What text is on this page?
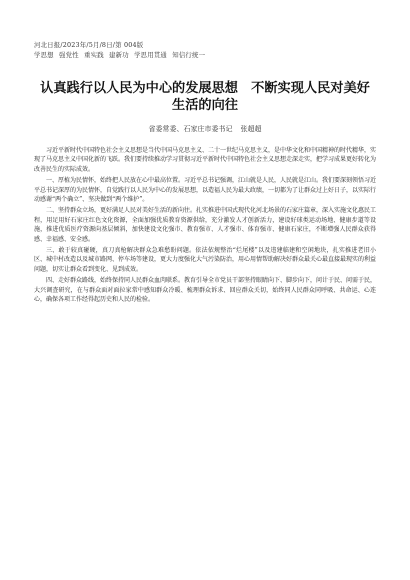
河北日报/2023年/5月/8日/第 004版
学思想 强党性 重实践 建新功 学思用贯通 知信行统一
认真践行以人民为中心的发展思想　不断实现人民对美好生活的向往
省委常委、石家庄市委书记 张超超

习近平新时代中国特色社会主义思想是当代中国马克思主义、二十一世纪马克思主义，是中华文化和中国精神的时代精华，实现了马克思主义中国化新的飞跃。我们要持续推动学习贯彻习近平新时代中国特色社会主义思想走深走实，把学习成果更好转化为改善民生的实际成效。

一、厚植为民情怀，始终把人民放在心中最高位置。习近平总书记强调，江山就是人民，人民就是江山。我们要深刻领悟习近平总书记深厚的为民情怀，自觉践行以人民为中心的发展思想，以造福人民为最大政绩，一切都为了让群众过上好日子，以实际行动感谢“两个确立”、坚决做到“两个维护”。

二、坚持群众立场，更好满足人民对美好生活的新向往。扎实推进中国式现代化河北场景的石家庄篇章，深入实施文化惠民工程，用足用好石家庄红色文化资源，全面加强优质教育资源供给，充分激发人才创新活力，建设好球类运动场地、健康步道等设施，推进优质医疗资源向基层倾斜，加快建设文化强市、教育强市、人才强市、体育强市、健康石家庄，不断增强人民群众获得感、幸福感、安全感。

三、敢于较真碰硬，真刀真枪解决群众急难愁盼问题。依法依规整治“烂尾楼”以及违建临建和空闲地块，扎实推进老旧小区、城中村改造以及城市路网、停车场等建设，更大力度强化大气污染防治，用心用情帮助解决好群众最关心最直接最现实的利益问题，切实让群众看到变化、见到成效。

四、走好群众路线，始终保持同人民群众血肉联系。教育引导全市党员干部坚持眼睛向下、脚步向下，问计于民、问需于民，大兴调查研究，在与群众面对面拉家常中感知群众冷暖、梳理群众诉求、回应群众关切，始终同人民群众同呼吸、共命运、心连心，确保各项工作经得起历史和人民的检验。
